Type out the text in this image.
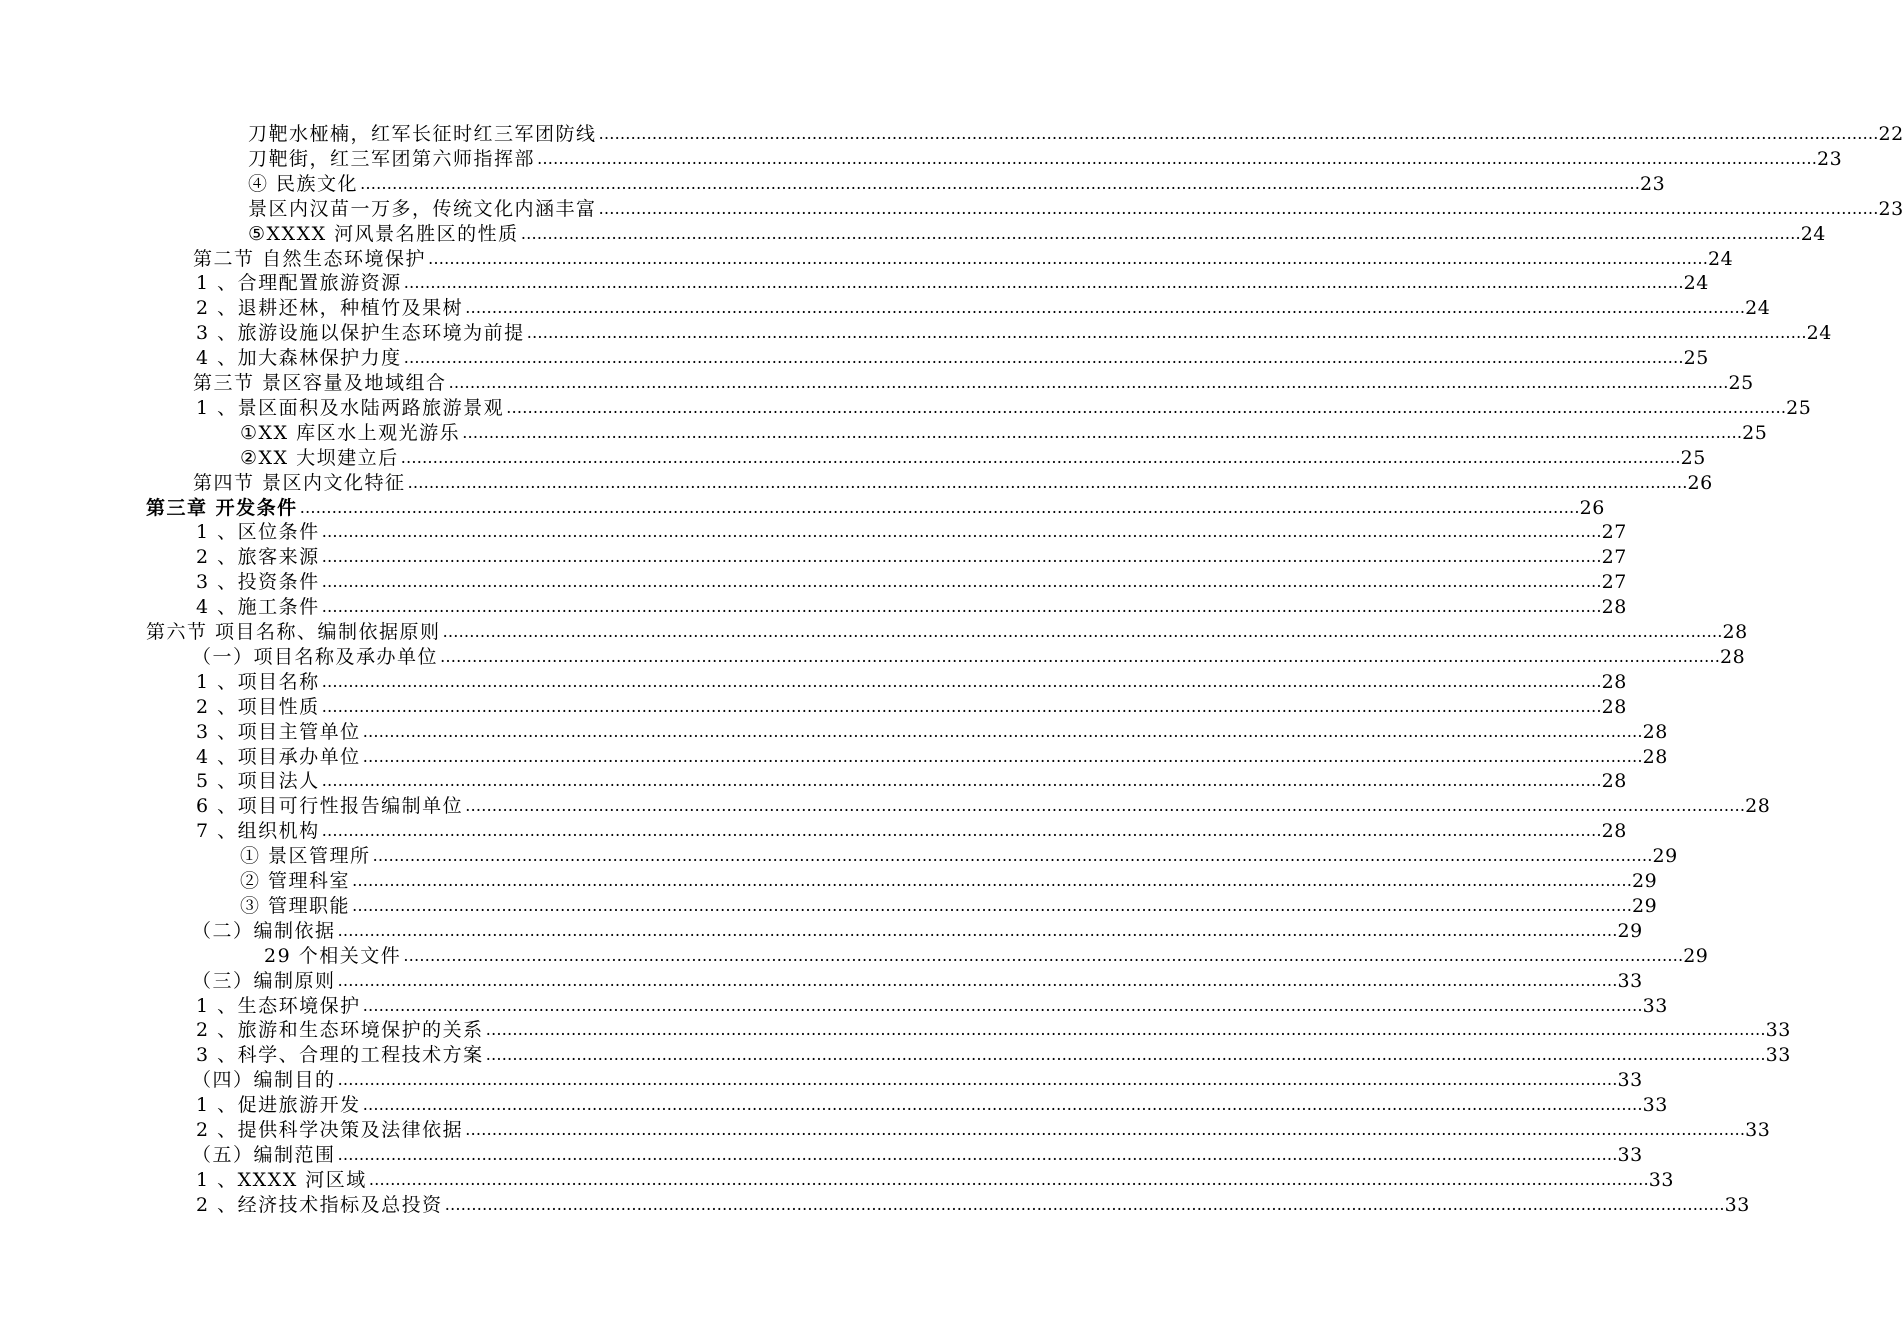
刀靶水桠楠，红军长征时红三军团防线 …………………………………………………………………………………………………………………………………………………………………………………………………………………… 22
刀靶街，红三军团第六师指挥部 …………………………………………………………………………………………………………………………………………………………………………………………………………………… 23
④ 民族文化 …………………………………………………………………………………………………………………………………………………………………………………………………………………… 23
景区内汉苗一万多，传统文化内涵丰富 …………………………………………………………………………………………………………………………………………………………………………………………………………………… 23
⑤XXXX 河风景名胜区的性质 …………………………………………………………………………………………………………………………………………………………………………………………………………………… 24
第二节 自然生态环境保护 …………………………………………………………………………………………………………………………………………………………………………………………………………………… 24
1 、合理配置旅游资源 …………………………………………………………………………………………………………………………………………………………………………………………………………………… 24
2 、退耕还林，种植竹及果树 …………………………………………………………………………………………………………………………………………………………………………………………………………………… 24
3 、旅游设施以保护生态环境为前提 …………………………………………………………………………………………………………………………………………………………………………………………………………………… 24
4 、加大森林保护力度 …………………………………………………………………………………………………………………………………………………………………………………………………………………… 25
第三节 景区容量及地域组合 …………………………………………………………………………………………………………………………………………………………………………………………………………………… 25
1 、景区面积及水陆两路旅游景观 …………………………………………………………………………………………………………………………………………………………………………………………………………………… 25
①XX 库区水上观光游乐 …………………………………………………………………………………………………………………………………………………………………………………………………………………… 25
②XX 大坝建立后 …………………………………………………………………………………………………………………………………………………………………………………………………………………… 25
第四节 景区内文化特征 …………………………………………………………………………………………………………………………………………………………………………………………………………………… 26
第三章 开发条件 …………………………………………………………………………………………………………………………………………………………………………………………………………………… 26
1 、区位条件 …………………………………………………………………………………………………………………………………………………………………………………………………………………… 27
2 、旅客来源 …………………………………………………………………………………………………………………………………………………………………………………………………………………… 27
3 、投资条件 …………………………………………………………………………………………………………………………………………………………………………………………………………………… 27
4 、施工条件 …………………………………………………………………………………………………………………………………………………………………………………………………………………… 28
第六节 项目名称、编制依据原则 …………………………………………………………………………………………………………………………………………………………………………………………………………………… 28
（一）项目名称及承办单位 …………………………………………………………………………………………………………………………………………………………………………………………………………………… 28
1 、项目名称 …………………………………………………………………………………………………………………………………………………………………………………………………………………… 28
2 、项目性质 …………………………………………………………………………………………………………………………………………………………………………………………………………………… 28
3 、项目主管单位 …………………………………………………………………………………………………………………………………………………………………………………………………………………… 28
4 、项目承办单位 …………………………………………………………………………………………………………………………………………………………………………………………………………………… 28
5 、项目法人 …………………………………………………………………………………………………………………………………………………………………………………………………………………… 28
6 、项目可行性报告编制单位 …………………………………………………………………………………………………………………………………………………………………………………………………………………… 28
7 、组织机构 …………………………………………………………………………………………………………………………………………………………………………………………………………………… 28
① 景区管理所 …………………………………………………………………………………………………………………………………………………………………………………………………………………… 29
② 管理科室 …………………………………………………………………………………………………………………………………………………………………………………………………………………… 29
③ 管理职能 …………………………………………………………………………………………………………………………………………………………………………………………………………………… 29
（二）编制依据 …………………………………………………………………………………………………………………………………………………………………………………………………………………… 29
29 个相关文件 …………………………………………………………………………………………………………………………………………………………………………………………………………………… 29
（三）编制原则 …………………………………………………………………………………………………………………………………………………………………………………………………………………… 33
1 、生态环境保护 …………………………………………………………………………………………………………………………………………………………………………………………………………………… 33
2 、旅游和生态环境保护的关系 …………………………………………………………………………………………………………………………………………………………………………………………………………………… 33
3 、科学、合理的工程技术方案 …………………………………………………………………………………………………………………………………………………………………………………………………………………… 33
（四）编制目的 …………………………………………………………………………………………………………………………………………………………………………………………………………………… 33
1 、促进旅游开发 …………………………………………………………………………………………………………………………………………………………………………………………………………………… 33
2 、提供科学决策及法律依据 …………………………………………………………………………………………………………………………………………………………………………………………………………………… 33
（五）编制范围 …………………………………………………………………………………………………………………………………………………………………………………………………………………… 33
1 、XXXX 河区域 …………………………………………………………………………………………………………………………………………………………………………………………………………………… 33
2 、经济技术指标及总投资 …………………………………………………………………………………………………………………………………………………………………………………………………………………… 33
